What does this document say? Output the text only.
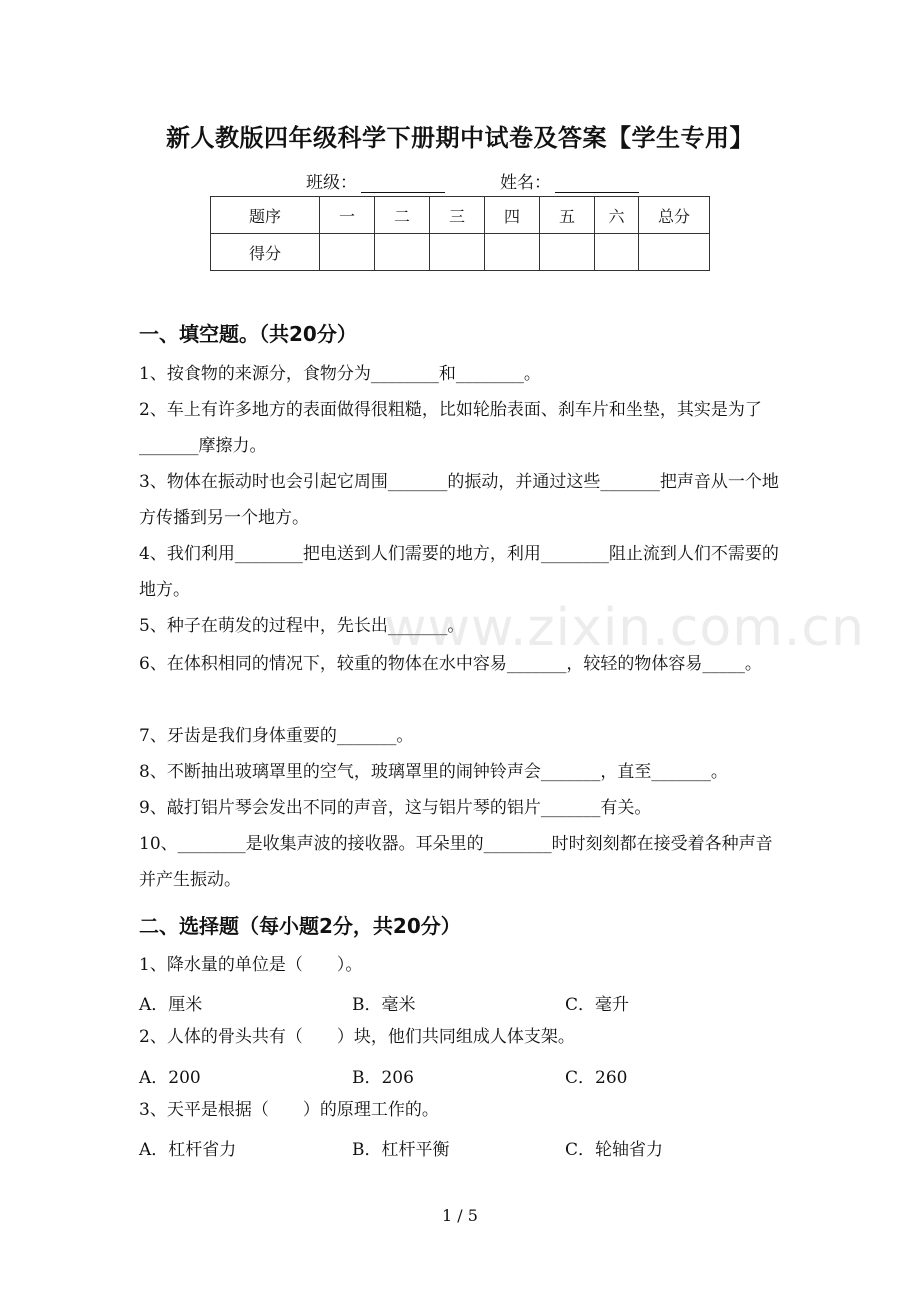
新人教版四年级科学下册期中试卷及答案【学生专用】
班级：	姓名：
题序	一	二	三	四	五	六	总分
得分							
一、填空题。（共20分）
1、按食物的来源分，食物分为________和________。
2、车上有许多地方的表面做得很粗糙，比如轮胎表面、刹车片和坐垫，其实是为了_______摩擦力。
3、物体在振动时也会引起它周围_______的振动，并通过这些_______把声音从一个地方传播到另一个地方。
4、我们利用________把电送到人们需要的地方，利用________阻止流到人们不需要的地方。
5、种子在萌发的过程中，先长出_______。
6、在体积相同的情况下，较重的物体在水中容易_______，较轻的物体容易_____。
7、牙齿是我们身体重要的_______。
8、不断抽出玻璃罩里的空气，玻璃罩里的闹钟铃声会_______，直至_______。
9、敲打铝片琴会发出不同的声音，这与铝片琴的铝片_______有关。
10、________是收集声波的接收器。耳朵里的________时时刻刻都在接受着各种声音并产生振动。
二、选择题（每小题2分，共20分）
1、降水量的单位是（　　）。
A．厘米	B．毫米	C．毫升
2、人体的骨头共有（　　）块，他们共同组成人体支架。
A．200	B．206	C．260
3、天平是根据（　　）的原理工作的。
A．杠杆省力	B．杠杆平衡	C．轮轴省力
www.zixin.com.cn
1 / 5
